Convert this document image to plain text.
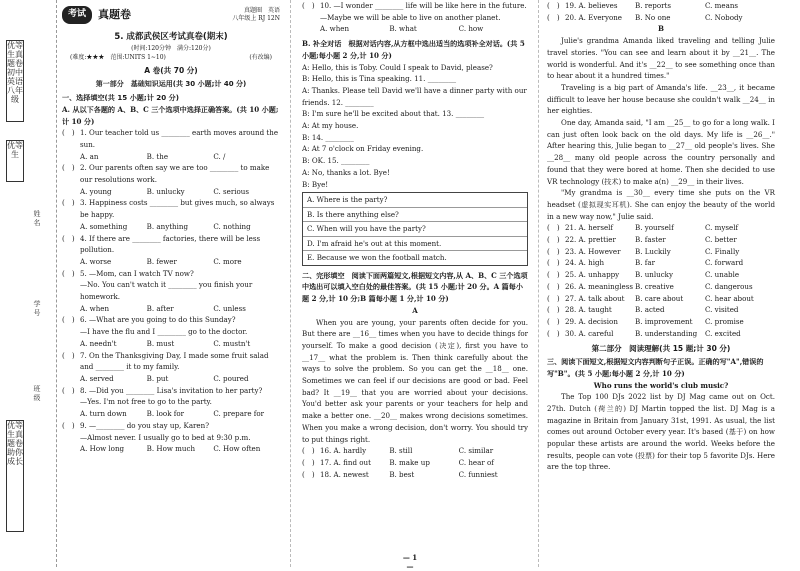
优等生真题卷初中英语八年级
优等生
优等生真题卷助你成长
姓名
学号
班级
考试	真题卷	真题圈　英语
八年级上 RJ 12N
5. 成都武侯区考试真卷(期末)
(时间:120分钟　满分:120分)
(难度:★★★　范围:UNITS 1~10)	(有改编)
A 卷(共 70 分)
第一部分　基础知识运用(共 30 小题;计 40 分)
一、选择填空(共 15 小题;计 20 分)
A. 从以下各题的 A、B、C 三个选项中选择正确答案。(共 10 小题;计 10 分)
(　) 1. Our teacher told us ________ earth moves around the sun.
A. an	B. the	C. /
(　) 2. Our parents often say we are too ________ to make our resolutions work.
A. young	B. unlucky	C. serious
(　) 3. Happiness costs ________ but gives much, so always be happy.
A. something	B. anything	C. nothing
(　) 4. If there are ________ factories, there will be less pollution.
A. worse	B. fewer	C. more
(　) 5. —Mom, can I watch TV now?
—No. You can't watch it ________ you finish your homework.
A. when	B. after	C. unless
(　) 6. —What are you going to do this Sunday?
—I have the flu and I ________ go to the doctor.
A. needn't	B. must	C. mustn't
(　) 7. On the Thanksgiving Day, I made some fruit salad and ________ it to my family.
A. served	B. put	C. poured
(　) 8. —Did you ________ Lisa's invitation to her party?
—Yes. I'm not free to go to the party.
A. turn down	B. look for	C. prepare for
(　) 9. —________ do you stay up, Karen?
—Almost never. I usually go to bed at 9:30 p.m.
A. How long	B. How much	C. How often
(　) 10. —I wonder ________ life will be like here in the future.
—Maybe we will be able to live on another planet.
A. when	B. what	C. how
B. 补全对话　根据对话内容,从方框中选出适当的选项补全对话。(共 5 小题;每小题 2 分,计 10 分)
A: Hello, this is Toby. Could I speak to David, please?
B: Hello, this is Tina speaking. 11. ________
A: Thanks. Please tell David we'll have a dinner party with our friends. 12. ________
B: I'm sure he'll be excited about that. 13. ________
A: At my house.
B: 14. ________
A: At 7 o'clock on Friday evening.
B: OK. 15. ________
A: No, thanks a lot. Bye!
B: Bye!
A. Where is the party?
B. Is there anything else?
C. When will you have the party?
D. I'm afraid he's out at this moment.
E. Because we won the football match.
二、完形填空　阅读下面两篇短文,根据短文内容,从 A、B、C 三个选项中选出可以填入空白处的最佳答案。(共 15 小题;计 20 分。A 篇每小题 2 分,计 10 分;B 篇每小题 1 分,计 10 分)
A
When you are young, your parents often decide for you. But there are __16__ times when you have to decide things for yourself. To make a good decision (决定), first you have to __17__ what the problem is. Then think carefully about the ways to solve the problem. So you can get the __18__ one. Sometimes we can feel if our decisions are good or bad. Feel bad? It __19__ that you are worried about your decisions. You'd better ask your parents or your teachers for help and make a better one. __20__ makes wrong decisions sometimes. When you make a wrong decision, don't worry. You should try to put things right.
(　) 16. A. hardly	B. still	C. similar
(　) 17. A. find out	B. make up	C. hear of
(　) 18. A. newest	B. best	C. funniest
(　) 19. A. believes	B. reports	C. means
(　) 20. A. Everyone	B. No one	C. Nobody
B
Julie's grandma Amanda liked traveling and telling Julie travel stories. "You can see and learn about it by __21__. The world is wonderful. And it's __22__ to see something once than to hear about it a hundred times."
Traveling is a big part of Amanda's life. __23__, it became difficult to leave her house because she couldn't walk __24__ in her eighties.
One day, Amanda said, "I am __25__ to go for a long walk. I can just often look back on the old days. My life is __26__." After hearing this, Julie began to __27__ old people's lives. She __28__ many old people across the country personally and found that they were bored at home. Then she decided to use VR technology (技术) to make a(n) __29__ in their lives.
"My grandma is __30__ every time she puts on the VR headset (虚拟现实耳机). She can enjoy the beauty of the world in a new way now," Julie said.
(　) 21. A. herself	B. yourself	C. myself
(　) 22. A. prettier	B. faster	C. better
(　) 23. A. However	B. Luckily	C. Finally
(　) 24. A. high	B. far	C. forward
(　) 25. A. unhappy	B. unlucky	C. unable
(　) 26. A. meaningless B. creative	C. dangerous
(　) 27. A. talk about	B. care about	C. hear about
(　) 28. A. taught	B. acted	C. visited
(　) 29. A. decision	B. improvement	C. promise
(　) 30. A. careful	B. understanding	C. excited
第二部分　阅读理解(共 15 题;计 30 分)
三、阅读下面短文,根据短文内容判断句子正误。正确的写"A",错误的写"B"。(共 5 小题;每小题 2 分,计 10 分)
Who runs the world's club music?
The Top 100 DJs 2022 list by DJ Mag came out on Oct. 27th. Dutch (荷兰的) DJ Martin topped the list. DJ Mag is a magazine in Britain from January 31st, 1991. As usual, the list comes out around October every year. It's based (基于) on how popular these artists are around the world. Weeks before the results, people can vote (投票) for their top 5 favorite DJs. Here are the top three.
— 1 —
